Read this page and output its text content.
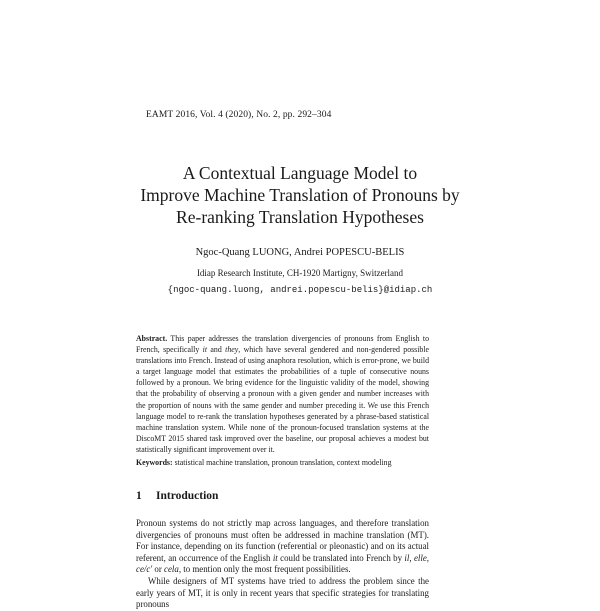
EAMT 2016, Vol. 4 (2020), No. 2, pp. 292–304
A Contextual Language Model to
Improve Machine Translation of Pronouns by
Re-ranking Translation Hypotheses
Ngoc-Quang LUONG, Andrei POPESCU-BELIS
Idiap Research Institute, CH-1920 Martigny, Switzerland
{ngoc-quang.luong, andrei.popescu-belis}@idiap.ch
Abstract. This paper addresses the translation divergencies of pronouns from English to French, specifically it and they, which have several gendered and non-gendered possible translations into French. Instead of using anaphora resolution, which is error-prone, we build a target language model that estimates the probabilities of a tuple of consecutive nouns followed by a pronoun. We bring evidence for the linguistic validity of the model, showing that the probability of observing a pronoun with a given gender and number increases with the proportion of nouns with the same gender and number preceding it. We use this French language model to re-rank the translation hypotheses generated by a phrase-based statistical machine translation system. While none of the pronoun-focused translation systems at the DiscoMT 2015 shared task improved over the baseline, our proposal achieves a modest but statistically significant improvement over it.
Keywords: statistical machine translation, pronoun translation, context modeling
1 Introduction

Pronoun systems do not strictly map across languages, and therefore translation divergencies of pronouns must often be addressed in machine translation (MT). For instance, depending on its function (referential or pleonastic) and on its actual referent, an occurrence of the English it could be translated into French by il, elle, ce/c' or cela, to mention only the most frequent possibilities.

While designers of MT systems have tried to address the problem since the early years of MT, it is only in recent years that specific strategies for translating pronouns
